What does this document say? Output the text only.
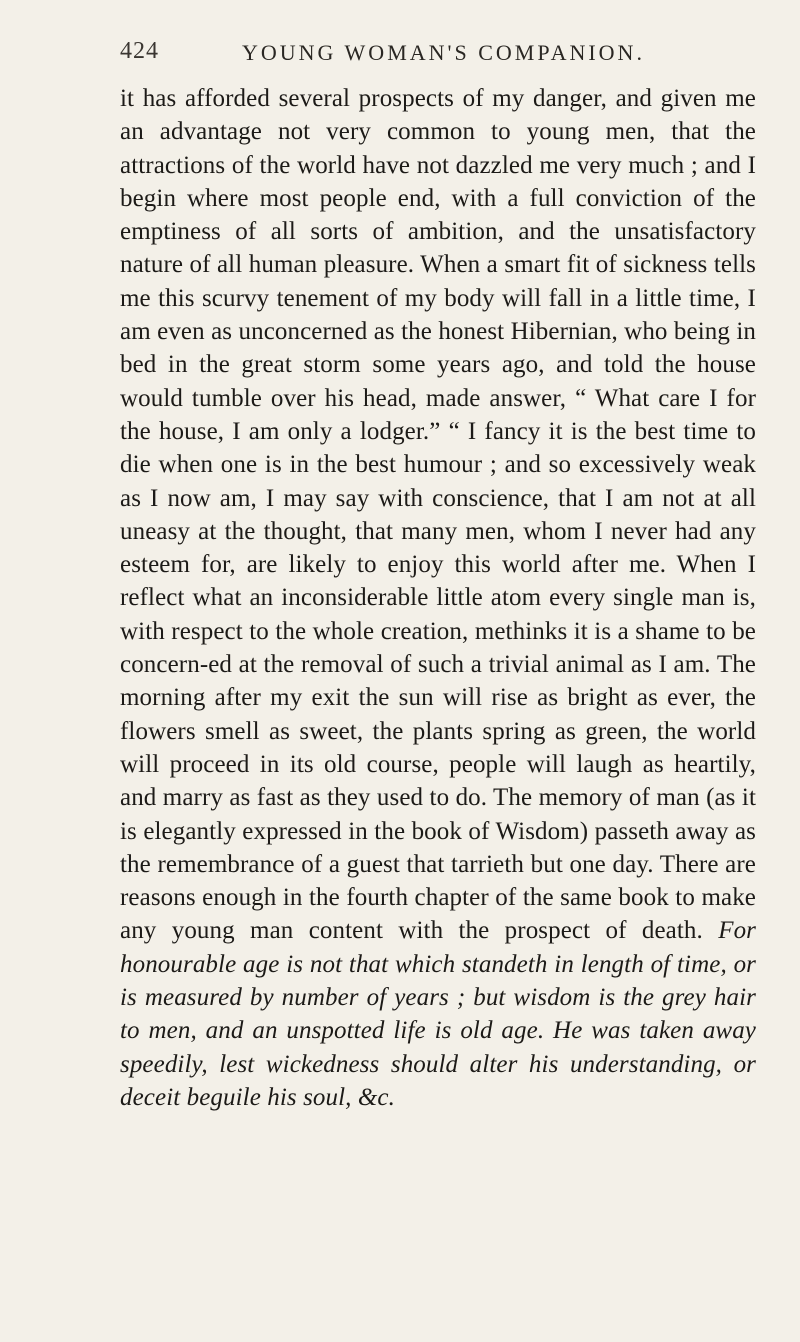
424	YOUNG WOMAN'S COMPANION.

it has afforded several prospects of my danger, and given me an advantage not very common to young men, that the attractions of the world have not dazzled me very much ; and I begin where most people end, with a full conviction of the emptiness of all sorts of ambition, and the unsatisfactory nature of all human pleasure. When a smart fit of sickness tells me this scurvy tenement of my body will fall in a little time, I am even as unconcerned as the honest Hibernian, who being in bed in the great storm some years ago, and told the house would tumble over his head, made answer, “ What care I for the house, I am only a lodger.” “ I fancy it is the best time to die when one is in the best humour ; and so excessively weak as I now am, I may say with conscience, that I am not at all uneasy at the thought, that many men, whom I never had any esteem for, are likely to enjoy this world after me. When I reflect what an inconsiderable little atom every single man is, with respect to the whole creation, methinks it is a shame to be concern-ed at the removal of such a trivial animal as I am. The morning after my exit the sun will rise as bright as ever, the flowers smell as sweet, the plants spring as green, the world will proceed in its old course, people will laugh as heartily, and marry as fast as they used to do. The memory of man (as it is elegantly expressed in the book of Wisdom) passeth away as the remembrance of a guest that tarrieth but one day. There are reasons enough in the fourth chapter of the same book to make any young man content with the prospect of death. For honourable age is not that which standeth in length of time, or is measured by number of years ; but wisdom is the grey hair to men, and an unspotted life is old age. He was taken away speedily, lest wickedness should alter his understanding, or deceit beguile his soul, &c.
